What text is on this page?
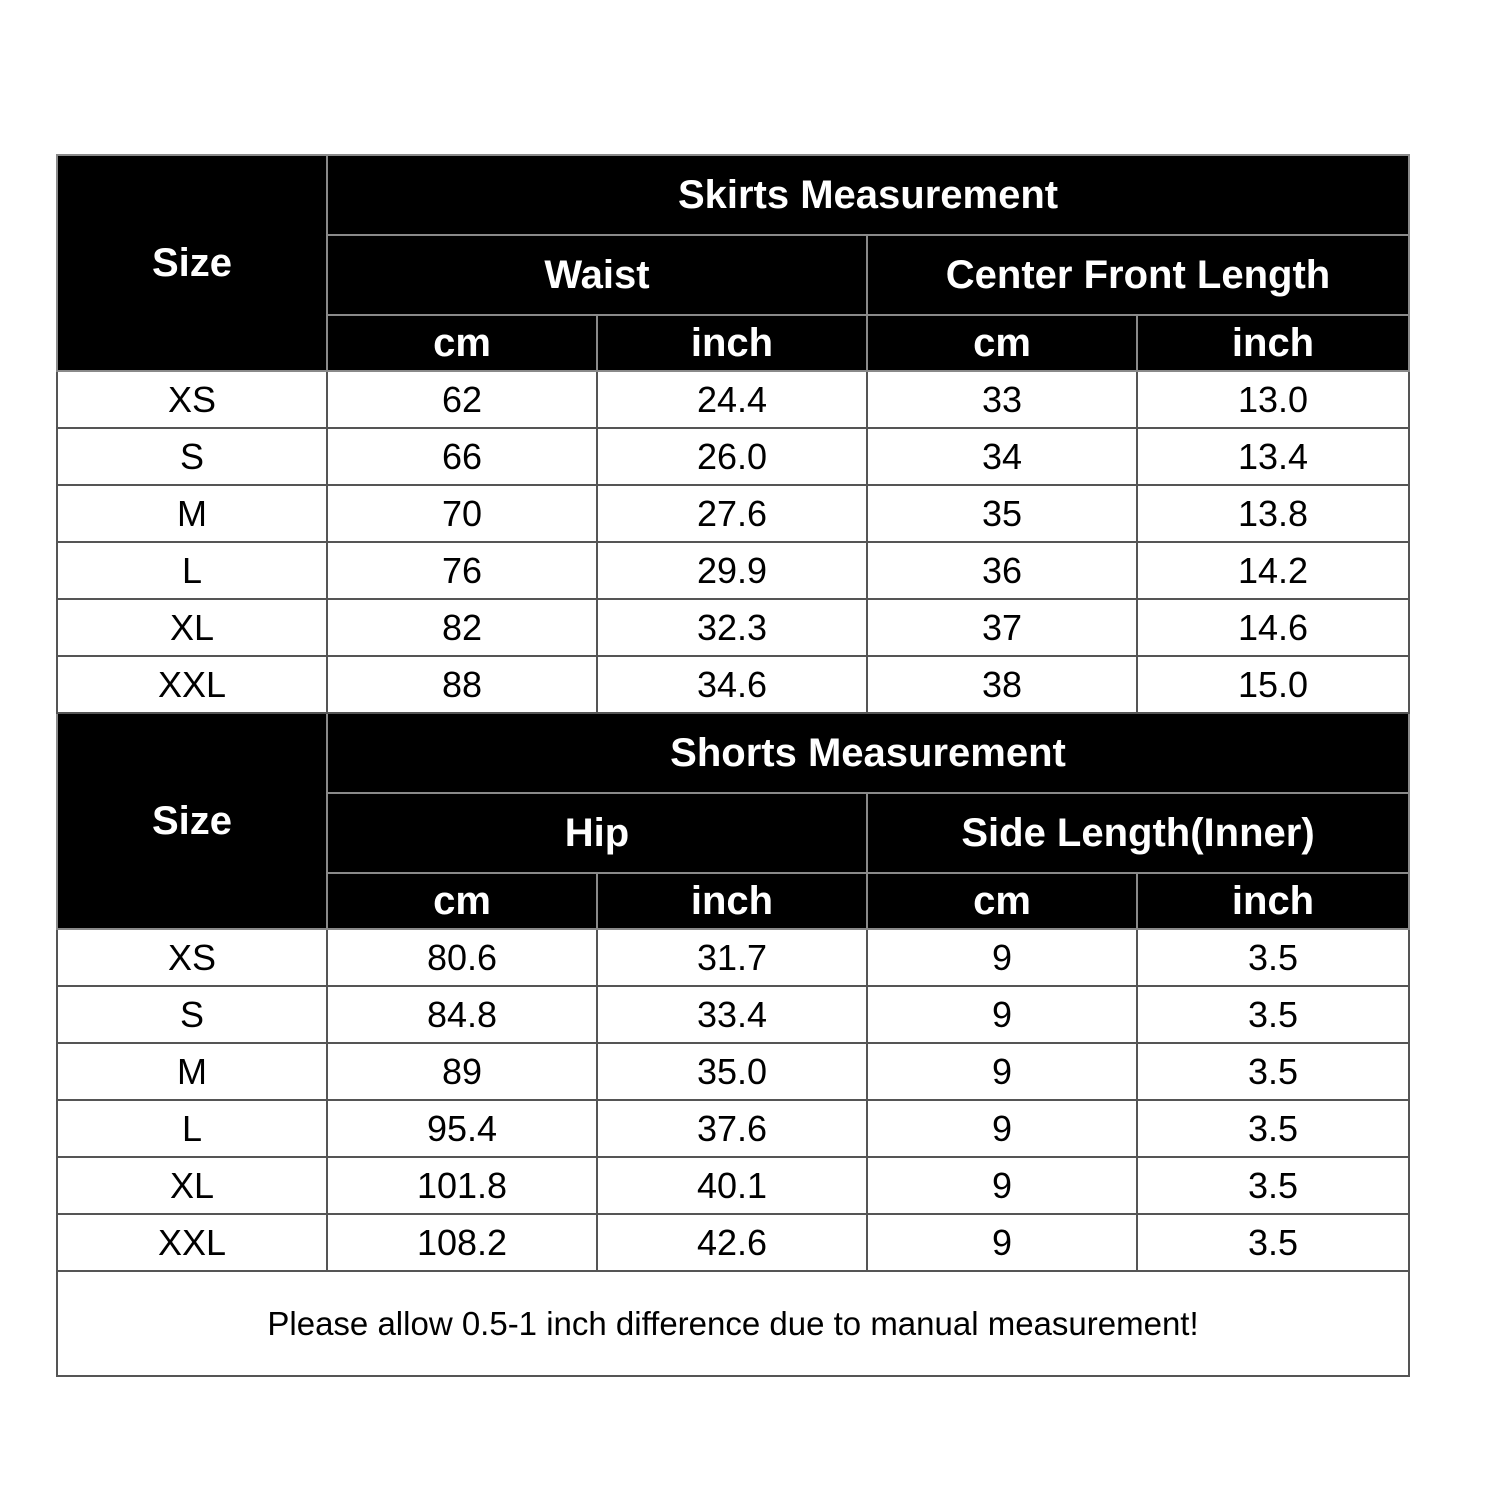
Size	Skirts Measurement			
	Waist		Center Front Length	
	cm	inch	cm	inch
XS	62	24.4	33	13.0
S	66	26.0	34	13.4
M	70	27.6	35	13.8
L	76	29.9	36	14.2
XL	82	32.3	37	14.6
XXL	88	34.6	38	15.0
Size	Shorts Measurement			
	Hip		Side Length(Inner)	
	cm	inch	cm	inch
XS	80.6	31.7	9	3.5
S	84.8	33.4	9	3.5
M	89	35.0	9	3.5
L	95.4	37.6	9	3.5
XL	101.8	40.1	9	3.5
XXL	108.2	42.6	9	3.5
Please allow 0.5-1 inch difference due to manual measurement!				
